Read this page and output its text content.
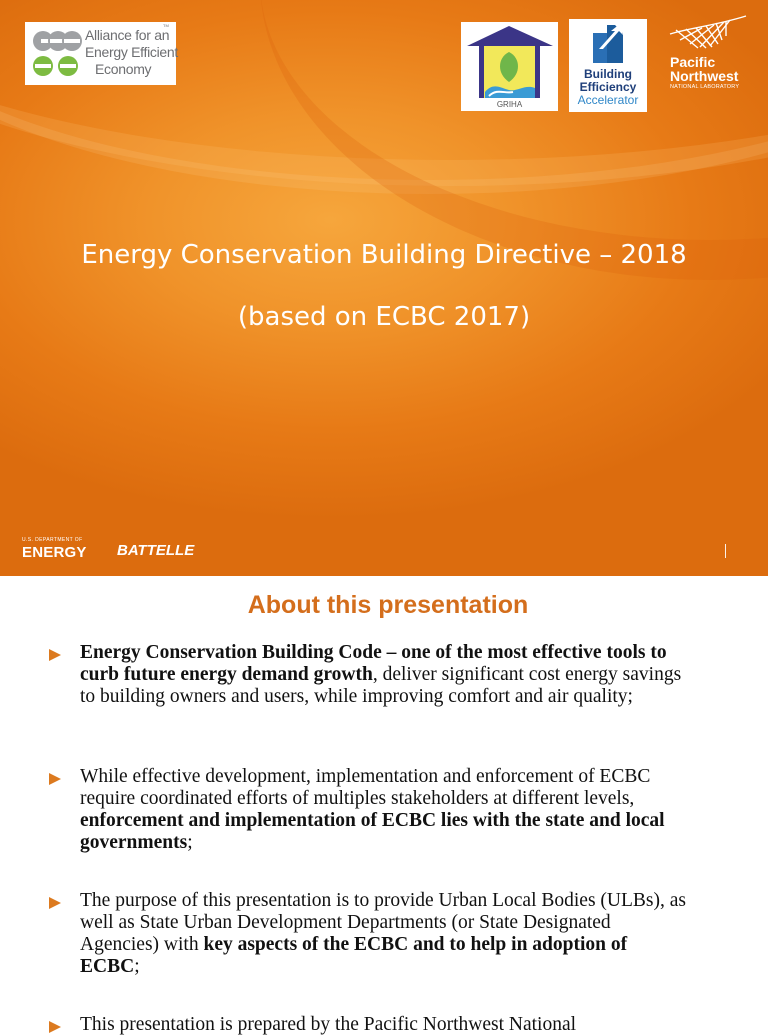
Alliance for an
Energy Efficient
Economy
TM
GRIHA
Building
Efficiency
Accelerator
Pacific
Northwest
NATIONAL LABORATORY
Energy Conservation Building Directive – 2018
(based on ECBC 2017)
U.S. DEPARTMENT OF
ENERGY BATTELLE
About this presentation
Energy Conservation Building Code – one of the most effective tools to curb future energy demand growth, deliver significant cost energy savings to building owners and users, while improving comfort and air quality;
While effective development, implementation and enforcement of ECBC require coordinated efforts of multiples stakeholders at different levels, enforcement and implementation of ECBC lies with the state and local governments;
The purpose of this presentation is to provide Urban Local Bodies (ULBs), as well as State Urban Development Departments (or State Designated Agencies) with key aspects of the ECBC and to help in adoption of ECBC;
This presentation is prepared by the Pacific Northwest National
